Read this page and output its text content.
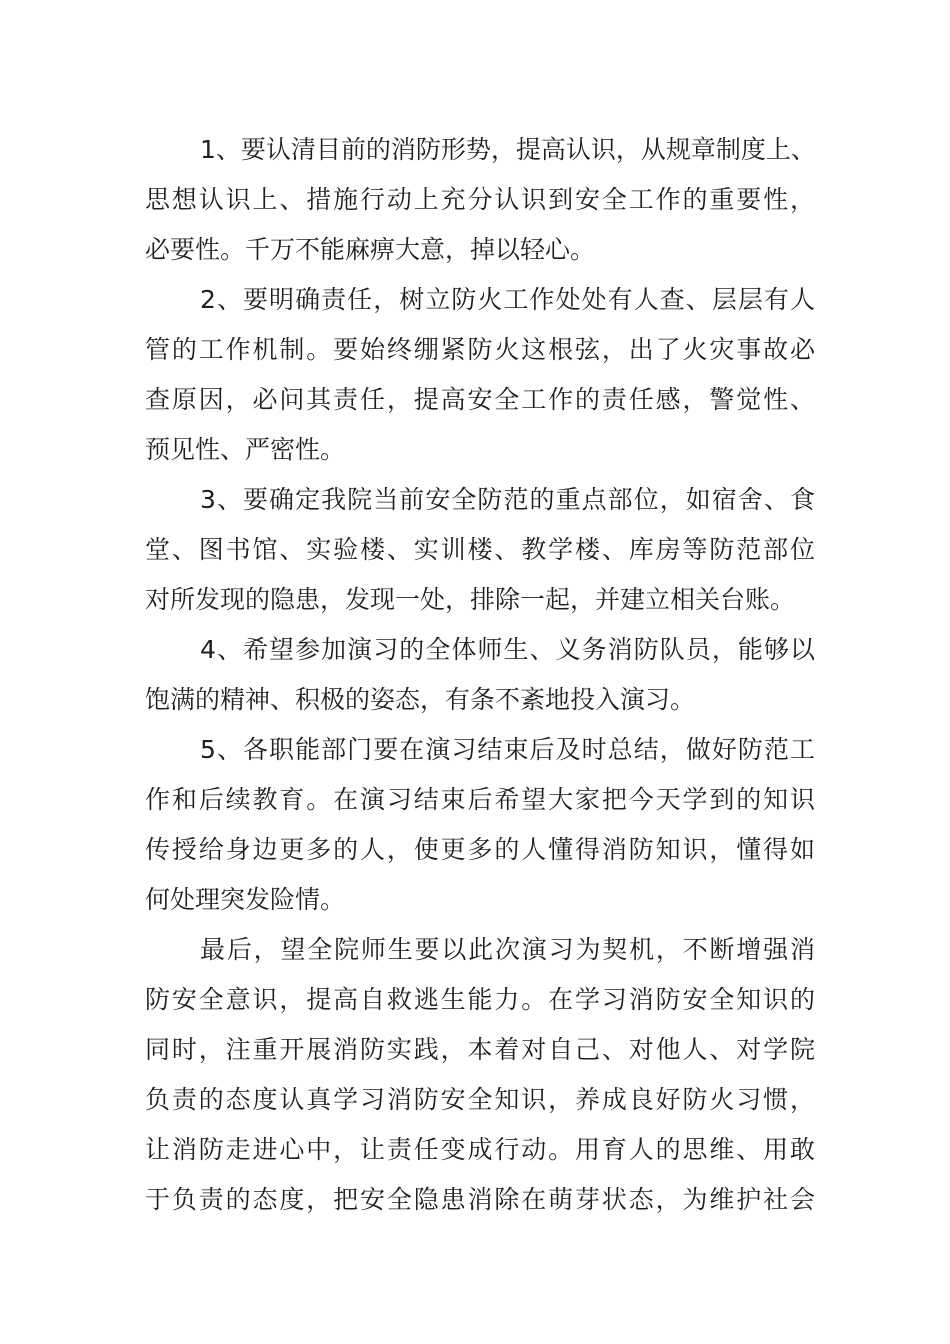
1、要认清目前的消防形势，提高认识，从规章制度上、
思想认识上、措施行动上充分认识到安全工作的重要性，
必要性。千万不能麻痹大意，掉以轻心。
2、要明确责任，树立防火工作处处有人查、层层有人
管的工作机制。要始终绷紧防火这根弦，出了火灾事故必
查原因，必问其责任，提高安全工作的责任感，警觉性、
预见性、严密性。
3、要确定我院当前安全防范的重点部位，如宿舍、食
堂、图书馆、实验楼、实训楼、教学楼、库房等防范部位
对所发现的隐患，发现一处，排除一起，并建立相关台账。
4、希望参加演习的全体师生、义务消防队员，能够以
饱满的精神、积极的姿态，有条不紊地投入演习。
5、各职能部门要在演习结束后及时总结，做好防范工
作和后续教育。在演习结束后希望大家把今天学到的知识
传授给身边更多的人，使更多的人懂得消防知识，懂得如
何处理突发险情。
最后，望全院师生要以此次演习为契机，不断增强消
防安全意识，提高自救逃生能力。在学习消防安全知识的
同时，注重开展消防实践，本着对自己、对他人、对学院
负责的态度认真学习消防安全知识，养成良好防火习惯，
让消防走进心中，让责任变成行动。用育人的思维、用敢
于负责的态度，把安全隐患消除在萌芽状态，为维护社会
